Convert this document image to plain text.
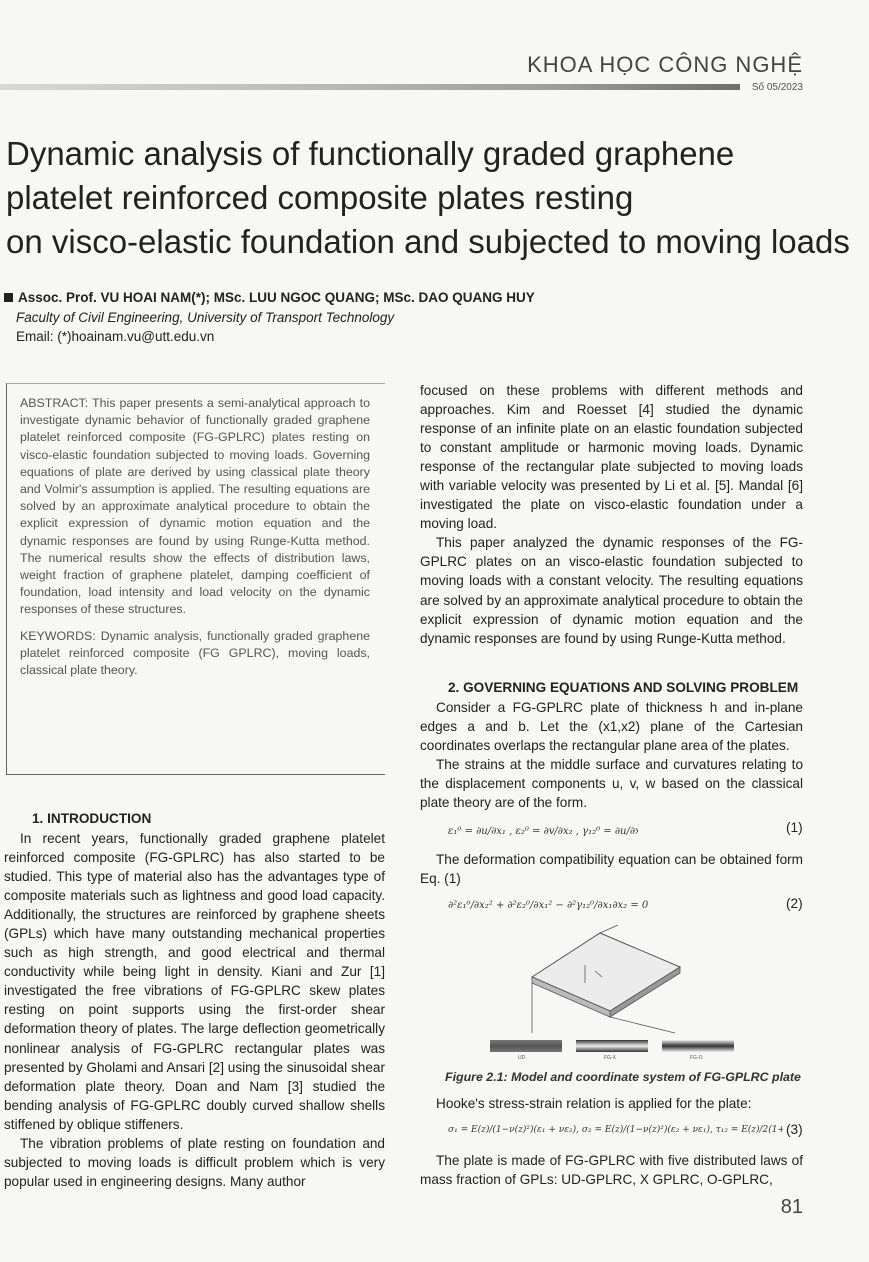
KHOA HỌC CÔNG NGHỆ
Số 05/2023
Dynamic analysis of functionally graded graphene
platelet reinforced composite plates resting
on visco-elastic foundation and subjected to moving loads
Assoc. Prof. VU HOAI NAM(*); MSc. LUU NGOC QUANG; MSc. DAO QUANG HUY
Faculty of Civil Engineering, University of Transport Technology
Email: (*)hoainam.vu@utt.edu.vn

ABSTRACT: This paper presents a semi-analytical approach to investigate dynamic behavior of functionally graded graphene platelet reinforced composite (FG-GPLRC) plates resting on visco-elastic foundation subjected to moving loads. Governing equations of plate are derived by using classical plate theory and Volmir's assumption is applied. The resulting equations are solved by an approximate analytical procedure to obtain the explicit expression of dynamic motion equation and the dynamic responses are found by using Runge-Kutta method. The numerical results show the effects of distribution laws, weight fraction of graphene platelet, damping coefficient of foundation, load intensity and load velocity on the dynamic responses of these structures.

KEYWORDS: Dynamic analysis, functionally graded graphene platelet reinforced composite (FG GPLRC), moving loads, classical plate theory.

1. INTRODUCTION

In recent years, functionally graded graphene platelet reinforced composite (FG-GPLRC) has also started to be studied. This type of material also has the advantages type of composite materials such as lightness and good load capacity. Additionally, the structures are reinforced by graphene sheets (GPLs) which have many outstanding mechanical properties such as high strength, and good electrical and thermal conductivity while being light in density. Kiani and Zur [1] investigated the free vibrations of FG-GPLRC skew plates resting on point supports using the first-order shear deformation theory of plates. The large deflection geometrically nonlinear analysis of FG-GPLRC rectangular plates was presented by Gholami and Ansari [2] using the sinusoidal shear deformation plate theory. Doan and Nam [3] studied the bending analysis of FG-GPLRC doubly curved shallow shells stiffened by oblique stiffeners.

The vibration problems of plate resting on foundation and subjected to moving loads is difficult problem which is very popular used in engineering designs. Many author

focused on these problems with different methods and approaches. Kim and Roesset [4] studied the dynamic response of an infinite plate on an elastic foundation subjected to constant amplitude or harmonic moving loads. Dynamic response of the rectangular plate subjected to moving loads with variable velocity was presented by Li et al. [5]. Mandal [6] investigated the plate on visco-elastic foundation under a moving load.

This paper analyzed the dynamic responses of the FG-GPLRC plates on an visco-elastic foundation subjected to moving loads with a constant velocity. The resulting equations are solved by an approximate analytical procedure to obtain the explicit expression of dynamic motion equation and the dynamic responses are found by using Runge-Kutta method.

2. GOVERNING EQUATIONS AND SOLVING PROBLEM

Consider a FG-GPLRC plate of thickness h and in-plane edges a and b. Let the (x1,x2) plane of the Cartesian coordinates overlaps the rectangular plane area of the plates.

The strains at the middle surface and curvatures relating to the displacement components u, v, w based on the classical plate theory are of the form.

ε₁⁰ = ∂u/∂x₁ , ε₂⁰ = ∂v/∂x₂ , γ₁₂⁰ = ∂u/∂	(1)

The deformation compatibility equation can be obtained form Eq. (1)

∂²ε₁⁰/∂x₂² + ∂²ε₂⁰/∂x₁² − ∂²γ₁₂⁰/∂x₁∂x₂ = 0.	(2)
UD	FG-X	FG-O
Figure 2.1: Model and coordinate system of FG-GPLRC plate

Hooke's stress-strain relation is applied for the plate:

σ₁ = E(z)/(1−ν(z)²)(ε₁ + νε₂), σ₂ = E(z)/(1−ν(z)²)(ε₂ + νε₁), τ₁₂ = E(z)/2(1 (3)

The plate is made of FG-GPLRC with five distributed laws of mass fraction of GPLs: UD-GPLRC, X GPLRC, O-GPLRC,

81
